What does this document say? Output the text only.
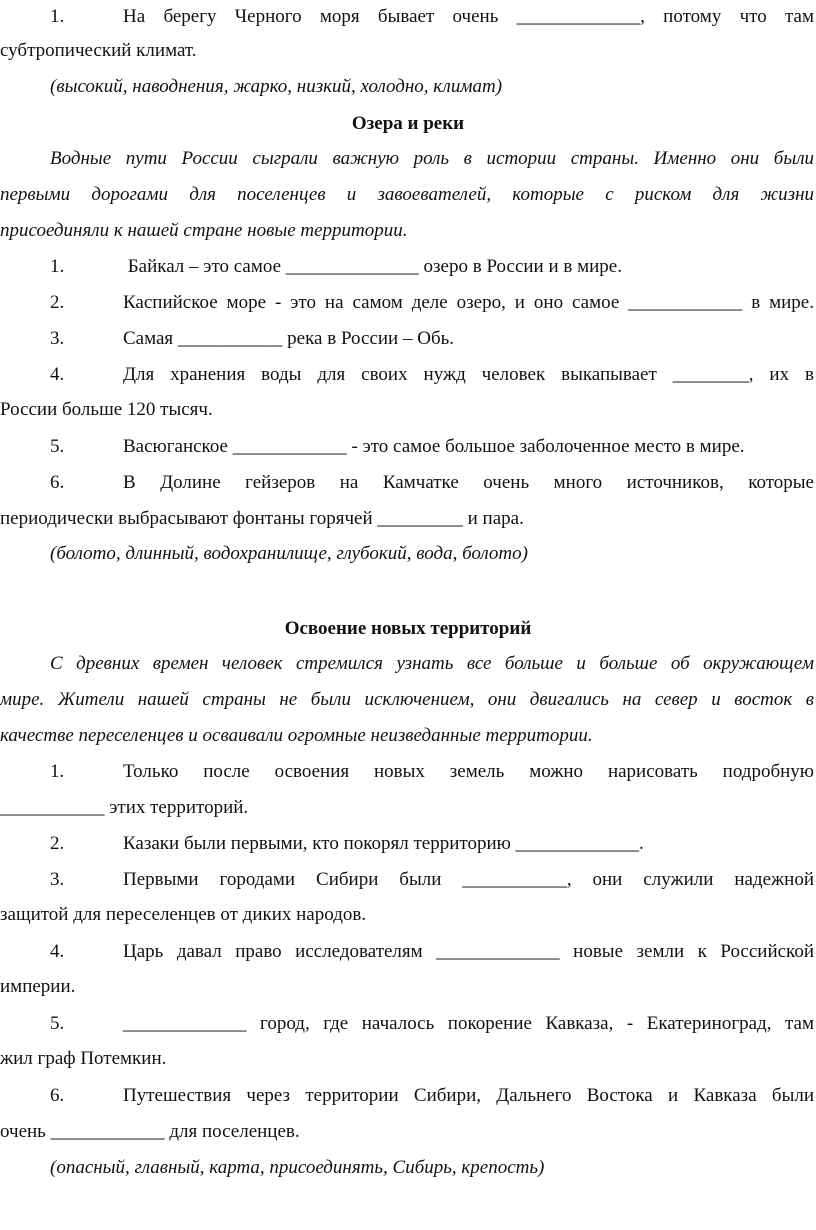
1.	На берегу Черного моря бывает очень _____________, потому что там
субтропический климат.
(высокий, наводнения, жарко, низкий, холодно, климат)
Озера и реки
Водные пути России сыграли важную роль в истории страны. Именно они были
первыми дорогами для поселенцев и завоевателей, которые с риском для жизни
присоединяли к нашей стране новые территории.
1.	Байкал – это самое ______________ озеро в России и в мире.
2.	Каспийское море - это на самом деле озеро, и оно самое ____________ в мире.
3.	Самая ___________ река в России – Обь.
4.	Для хранения воды для своих нужд человек выкапывает ________, их в
России больше 120 тысяч.
5.	Васюганское ____________ - это самое большое заболоченное место в мире.
6.	В Долине гейзеров на Камчатке очень много источников, которые
периодически выбрасывают фонтаны горячей _________ и пара.
(болото, длинный, водохранилище, глубокий, вода, болото)
Освоение новых территорий
С древних времен человек стремился узнать все больше и больше об окружающем
мире. Жители нашей страны не были исключением, они двигались на север и восток в
качестве переселенцев и осваивали огромные неизведанные территории.
1.	Только после освоения новых земель можно нарисовать подробную
___________ этих территорий.
2.	Казаки были первыми, кто покорял территорию _____________.
3.	Первыми городами Сибири были ___________, они служили надежной
защитой для переселенцев от диких народов.
4.	Царь давал право исследователям _____________ новые земли к Российской
империи.
5.	_____________ город, где началось покорение Кавказа, - Екатериноград, там
жил граф Потемкин.
6.	Путешествия через территории Сибири, Дальнего Востока и Кавказа были
очень ____________ для поселенцев.
(опасный, главный, карта, присоединять, Сибирь, крепость)
